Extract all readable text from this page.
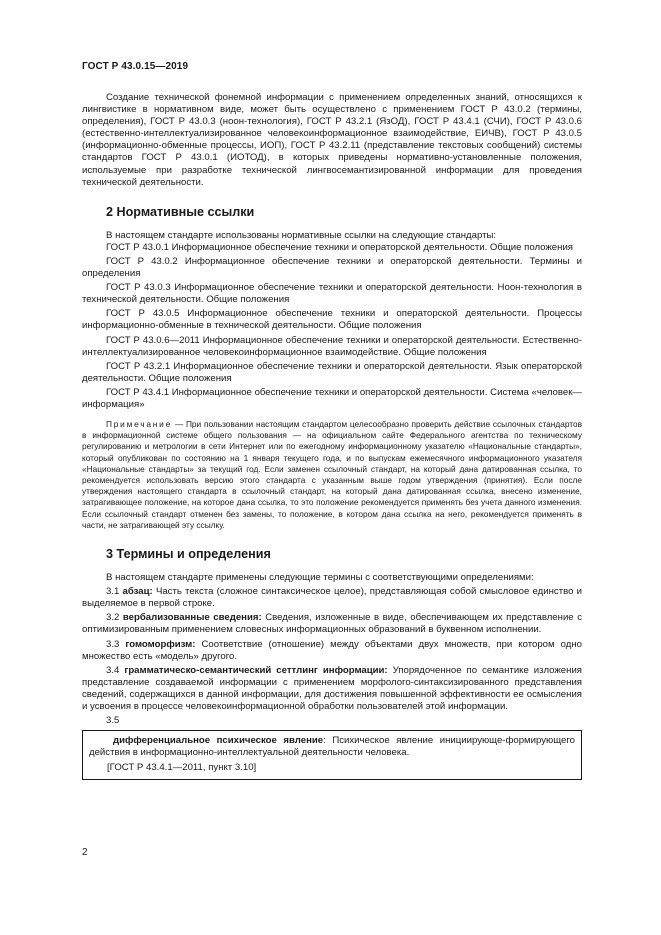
ГОСТ Р 43.0.15—2019

Создание технической фонемной информации с применением определенных знаний, относящихся к лингвистике в нормативном виде, может быть осуществлено с применением ГОСТ Р 43.0.2 (термины, определения), ГОСТ Р 43.0.3 (ноон-технология), ГОСТ Р 43.2.1 (ЯзОД), ГОСТ Р 43.4.1 (СЧИ), ГОСТ Р 43.0.6 (естественно-интеллектуализированное человекоинформационное взаимодействие, ЕИЧВ), ГОСТ Р 43.0.5 (информационно-обменные процессы, ИОП), ГОСТ Р 43.2.11 (представление текстовых сообщений) системы стандартов ГОСТ Р 43.0.1 (ИОТОД), в которых приведены нормативно-установленные положения, используемые при разработке технической лингвосемантизированной информации для проведения технической деятельности.

2 Нормативные ссылки

В настоящем стандарте использованы нормативные ссылки на следующие стандарты:

ГОСТ Р 43.0.1 Информационное обеспечение техники и операторской деятельности. Общие положения

ГОСТ Р 43.0.2 Информационное обеспечение техники и операторской деятельности. Термины и определения

ГОСТ Р 43.0.3 Информационное обеспечение техники и операторской деятельности. Ноон-технология в технической деятельности. Общие положения

ГОСТ Р 43.0.5 Информационное обеспечение техники и операторской деятельности. Процессы информационно-обменные в технической деятельности. Общие положения

ГОСТ Р 43.0.6—2011 Информационное обеспечение техники и операторской деятельности. Естественно-интеллектуализированное человекоинформационное взаимодействие. Общие положения

ГОСТ Р 43.2.1 Информационное обеспечение техники и операторской деятельности. Язык операторской деятельности. Общие положения

ГОСТ Р 43.4.1 Информационное обеспечение техники и операторской деятельности. Система «человек—информация»

Примечание — При пользовании настоящим стандартом целесообразно проверить действие ссылочных стандартов в информационной системе общего пользования — на официальном сайте Федерального агентства по техническому регулированию и метрологии в сети Интернет или по ежегодному информационному указателю «Национальные стандарты», который опубликован по состоянию на 1 января текущего года, и по выпускам ежемесячного информационного указателя «Национальные стандарты» за текущий год. Если заменен ссылочный стандарт, на который дана датированная ссылка, то рекомендуется использовать версию этого стандарта с указанным выше годом утверждения (принятия). Если после утверждения настоящего стандарта в ссылочный стандарт, на который дана датированная ссылка, внесено изменение, затрагивающее положение, на которое дана ссылка, то это положение рекомендуется применять без учета данного изменения. Если ссылочный стандарт отменен без замены, то положение, в котором дана ссылка на него, рекомендуется применять в части, не затрагивающей эту ссылку.

3 Термины и определения

В настоящем стандарте применены следующие термины с соответствующими определениями:

3.1 абзац: Часть текста (сложное синтаксическое целое), представляющая собой смысловое единство и выделяемое в первой строке.

3.2 вербализованные сведения: Сведения, изложенные в виде, обеспечивающем их представление с оптимизированным применением словесных информационных образований в буквенном исполнении.

3.3 гомоморфизм: Соответствие (отношение) между объектами двух множеств, при котором одно множество есть «модель» другого.

3.4 грамматическо-семантический сеттлинг информации: Упорядоченное по семантике изложения представление создаваемой информации с применением морфолого-синтаксизированного представления сведений, содержащихся в данной информации, для достижения повышенной эффективности ее осмысления и усвоения в процессе человекоинформационной обработки пользователей этой информации.

3.5

дифференциальное психическое явление: Психическое явление инициирующе-формирующего действия в информационно-интеллектуальной деятельности человека.

[ГОСТ Р 43.4.1—2011, пункт 3.10]

2
